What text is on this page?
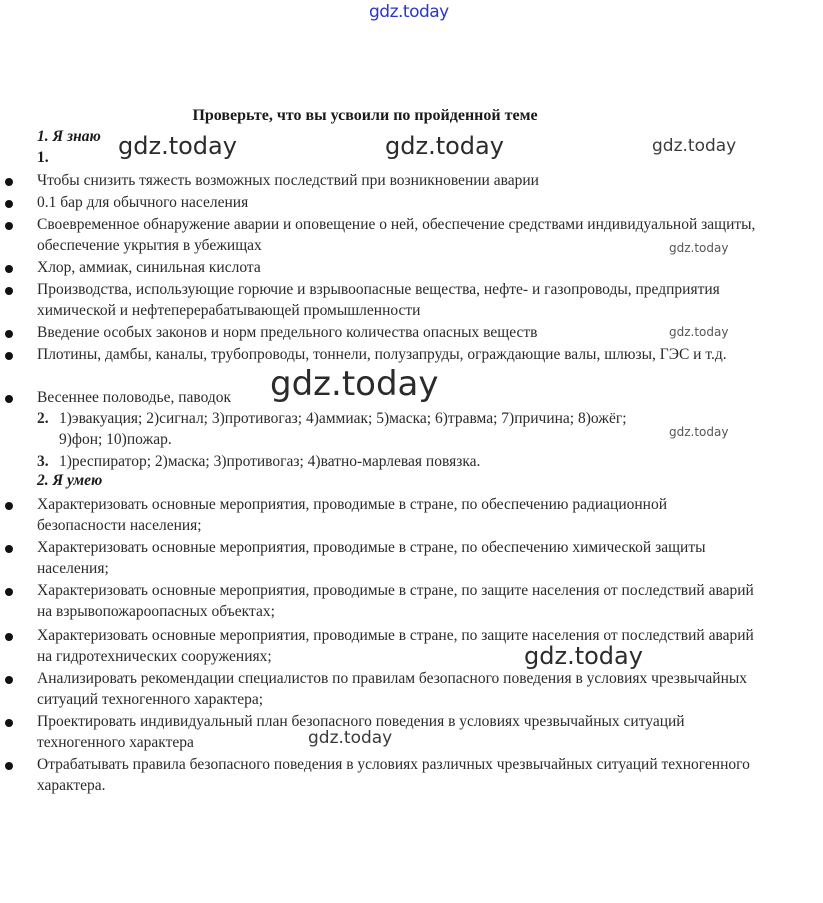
gdz.today
gdz.today	gdz.today	gdz.today
gdz.today
gdz.today
gdz.today
gdz.today
gdz.today
gdz.today
Проверьте, что вы усвоили по пройденной теме
1. Я знаю
1.
Чтобы снизить тяжесть возможных последствий при возникновении аварии
0.1 бар для обычного населения
Своевременное обнаружение аварии и оповещение о ней, обеспечение средствами индивидуальной защиты, обеспечение укрытия в убежищах
Хлор, аммиак, синильная кислота
Производства, использующие горючие и взрывоопасные вещества, нефте- и газопроводы, предприятия химической и нефтеперерабатывающей промышленности
Введение особых законов и норм предельного количества опасных веществ
Плотины, дамбы, каналы, трубопроводы, тоннели, полузапруды, ограждающие валы, шлюзы, ГЭС и т.д.
Весеннее половодье, паводок
2. 1)эвакуация; 2)сигнал; 3)противогаз; 4)аммиак; 5)маска; 6)травма; 7)причина; 8)ожёг;
9)фон; 10)пожар.
3. 1)респиратор; 2)маска; 3)противогаз; 4)ватно-марлевая повязка.
2. Я умею
Характеризовать основные мероприятия, проводимые в стране, по обеспечению радиационной безопасности населения;
Характеризовать основные мероприятия, проводимые в стране, по обеспечению химической защиты населения;
Характеризовать основные мероприятия, проводимые в стране, по защите населения от последствий аварий на взрывопожароопасных объектах;
Характеризовать основные мероприятия, проводимые в стране, по защите населения от последствий аварий на гидротехнических сооружениях;
Анализировать рекомендации специалистов по правилам безопасного поведения в условиях чрезвычайных ситуаций техногенного характера;
Проектировать индивидуальный план безопасного поведения в условиях чрезвычайных ситуаций техногенного характера
Отрабатывать правила безопасного поведения в условиях различных чрезвычайных ситуаций техногенного характера.
